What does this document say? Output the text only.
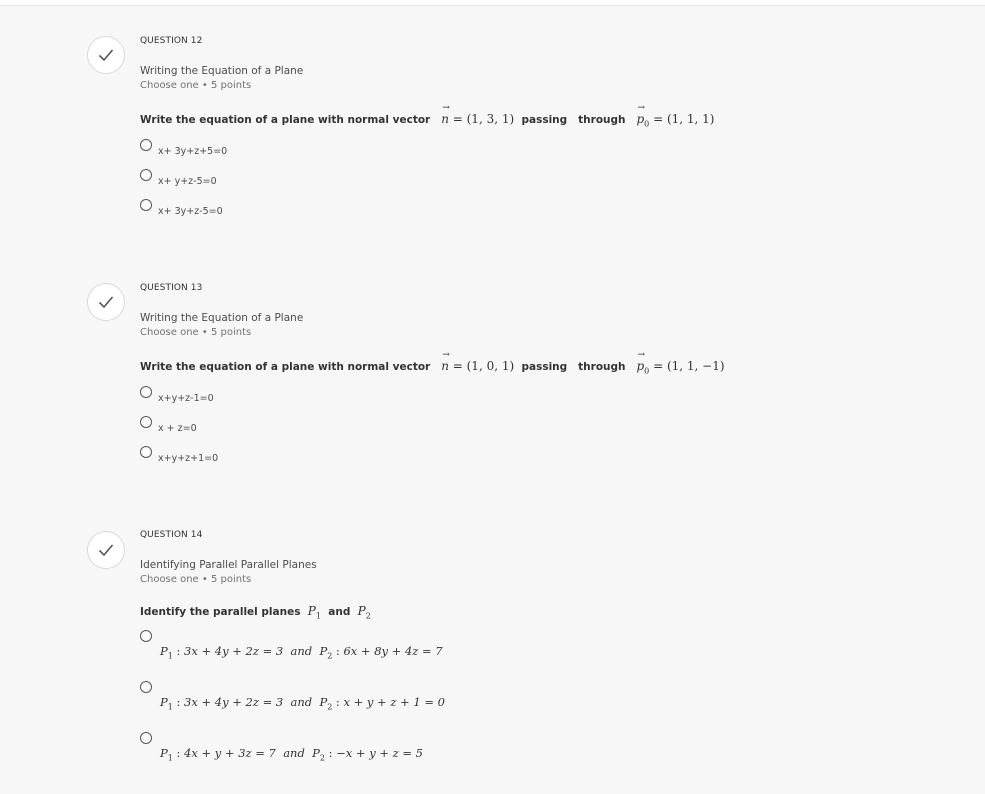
QUESTION 12
Writing the Equation of a Plane
Choose one • 5 points
Write the equation of a plane with normal vector → n = (1, 3, 1) passing through → $p_0 = (1$, 1, 1)
x+ 3y+z+5=0
x+ y+z-5=0
x+ 3y+z-5=0
QUESTION 13
Writing the Equation of a Plane
Choose one • 5 points
Write the equation of a plane with normal vector → n = (1, 0, 1) passing through → $p_0 = (1$, 1, −1)
x+y+z-1=0
x + z=0
x+y+z+1=0
QUESTION 14
Identifying Parallel Parallel Planes
Choose one • 5 points
Identify the parallel planes $P_1$ and $P_2$
$P_1$ : 3x + 4y + 2z = 3 and $P_2$ : 6x + 8y + 4z = 7
$P_1$ : 3x + 4y + 2z = 3 and $P_2$ : x + y + z + 1 = 0
$P_1$ : 4x + y + 3z = 7 and $P_2$ : −x + y + z = 5
